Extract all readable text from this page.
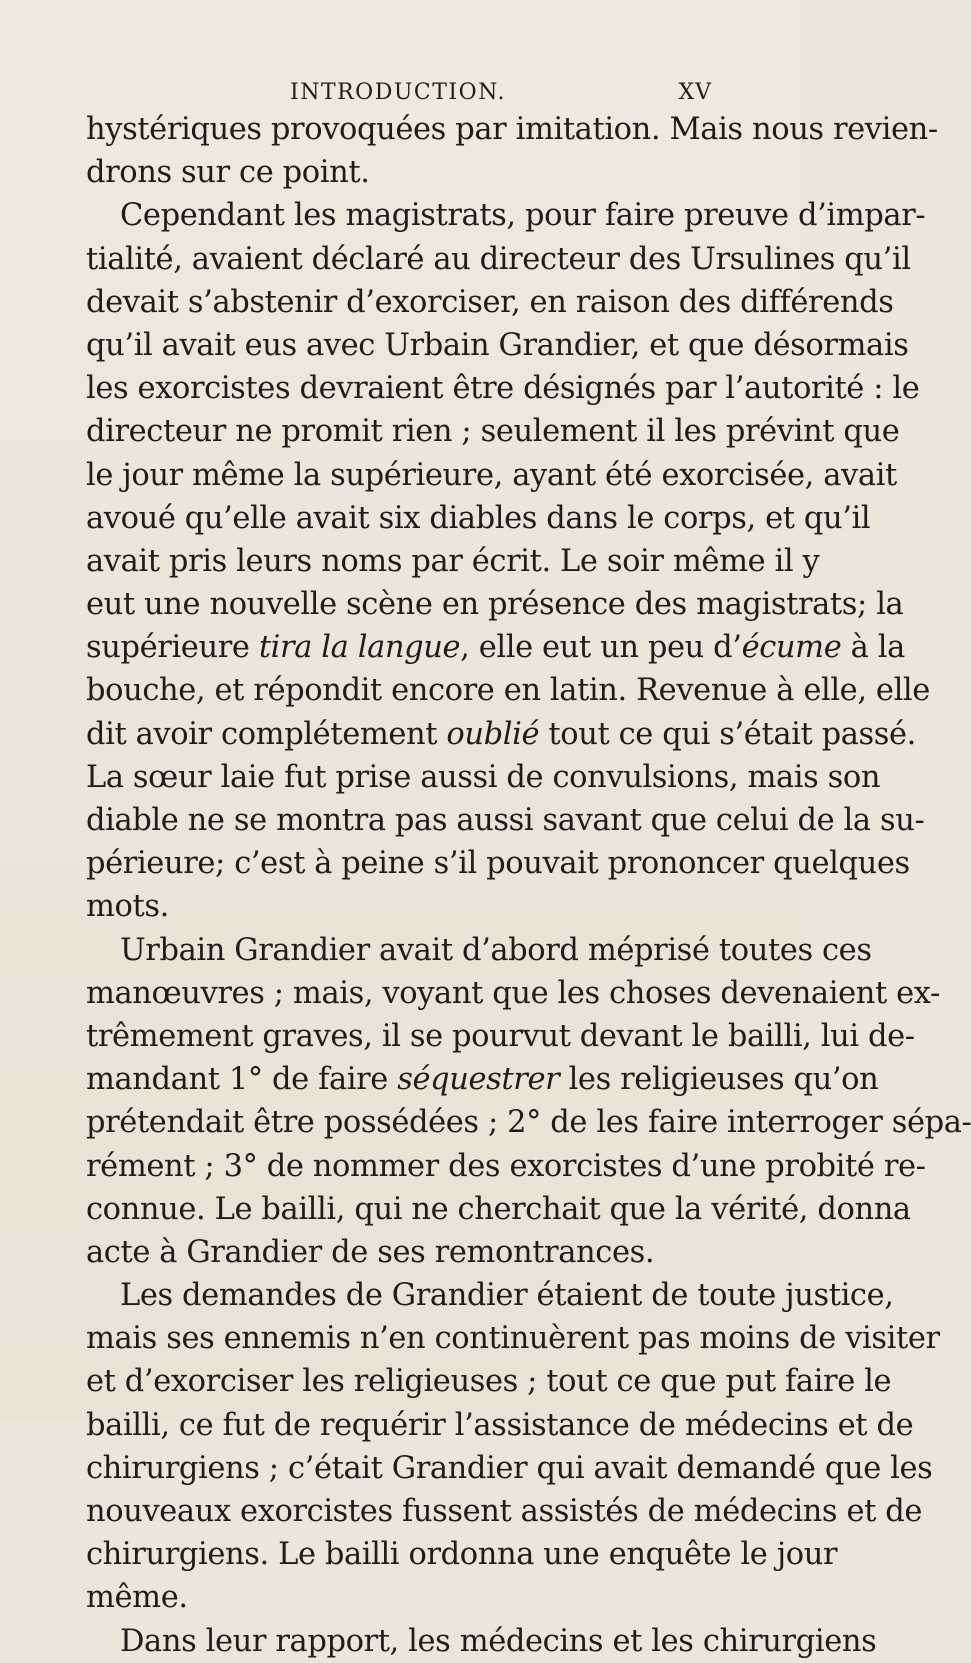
INTRODUCTION.	XV
hystériques provoquées par imitation. Mais nous revien-
drons sur ce point.
Cependant les magistrats, pour faire preuve d’impar-
tialité, avaient déclaré au directeur des Ursulines qu’il
devait s’abstenir d’exorciser, en raison des différends
qu’il avait eus avec Urbain Grandier, et que désormais
les exorcistes devraient être désignés par l’autorité : le
directeur ne promit rien ; seulement il les prévint que
le jour même la supérieure, ayant été exorcisée, avait
avoué qu’elle avait six diables dans le corps, et qu’il
avait pris leurs noms par écrit. Le soir même il y
eut une nouvelle scène en présence des magistrats; la
supérieure tira la langue, elle eut un peu d’écume à la
bouche, et répondit encore en latin. Revenue à elle, elle
dit avoir complétement oublié tout ce qui s’était passé.
La sœur laie fut prise aussi de convulsions, mais son
diable ne se montra pas aussi savant que celui de la su-
périeure; c’est à peine s’il pouvait prononcer quelques
mots.
Urbain Grandier avait d’abord méprisé toutes ces
manœuvres ; mais, voyant que les choses devenaient ex-
trêmement graves, il se pourvut devant le bailli, lui de-
mandant 1° de faire séquestrer les religieuses qu’on
prétendait être possédées ; 2° de les faire interroger sépa-
rément ; 3° de nommer des exorcistes d’une probité re-
connue. Le bailli, qui ne cherchait que la vérité, donna
acte à Grandier de ses remontrances.
Les demandes de Grandier étaient de toute justice,
mais ses ennemis n’en continuèrent pas moins de visiter
et d’exorciser les religieuses ; tout ce que put faire le
bailli, ce fut de requérir l’assistance de médecins et de
chirurgiens ; c’était Grandier qui avait demandé que les
nouveaux exorcistes fussent assistés de médecins et de
chirurgiens. Le bailli ordonna une enquête le jour
même.
Dans leur rapport, les médecins et les chirurgiens
